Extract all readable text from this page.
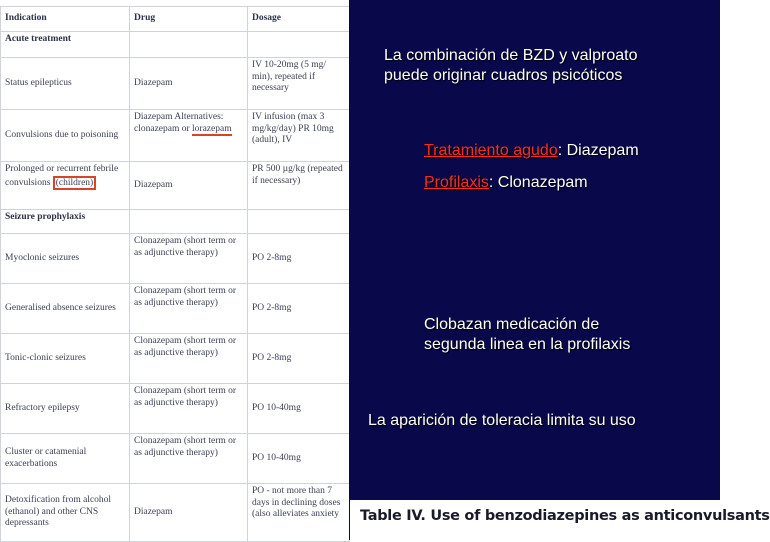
Indication	Drug	Dosage
Acute treatment		
Status epilepticus	Diazepam	IV 10-20mg (5 mg/ min), repeated if necessary
Convulsions due to poisoning	Diazepam Alternatives: clonazepam or lorazepam	IV infusion (max 3 mg/kg/day) PR 10mg (adult), IV
Prolonged or recurrent febrile convulsions (children)	Diazepam	PR 500 µg/kg (repeated if necessary)
Seizure prophylaxis		
Myoclonic seizures	Clonazepam (short term or as adjunctive therapy)	PO 2-8mg
Generalised absence seizures	Clonazepam (short term or as adjunctive therapy)	PO 2-8mg
Tonic-clonic seizures	Clonazepam (short term or as adjunctive therapy)	PO 2-8mg
Refractory epilepsy	Clonazepam (short term or as adjunctive therapy)	PO 10-40mg
Cluster or catamenial exacerbations	Clonazepam (short term or as adjunctive therapy)	PO 10-40mg
Detoxification from alcohol (ethanol) and other CNS depressants	Diazepam	PO - not more than 7 days in declining doses (also alleviates anxiety
La combinación de BZD y valproato
puede originar cuadros psicóticos
Tratamiento agudo: Diazepam
Profilaxis: Clonazepam
Clobazan medicación de
segunda linea en la profilaxis
La aparición de toleracia limita su uso
Table IV. Use of benzodiazepines as anticonvulsants
